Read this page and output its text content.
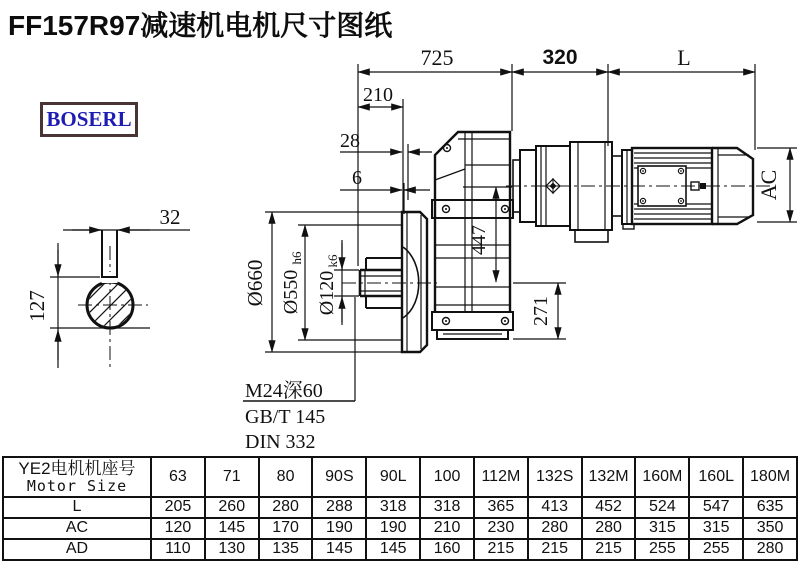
FF157R97减速机电机尺寸图纸
BOSERL
32
127
725	320	L
210
28
6
Ø660 Ø550
h6
Ø120
k6
447
271
AC
M24深60
GB/T 145
DIN 332
YE2电机机座号
Motor Size	63	71	80	90S	90L	100	112M	132S	132M	160M	160L	180M
L	205	260	280	288	318	318	365	413	452	524	547	635
AC	120	145	170	190	190	210	230	280	280	315	315	350
AD	110	130	135	145	145	160	215	215	215	255	255	280
